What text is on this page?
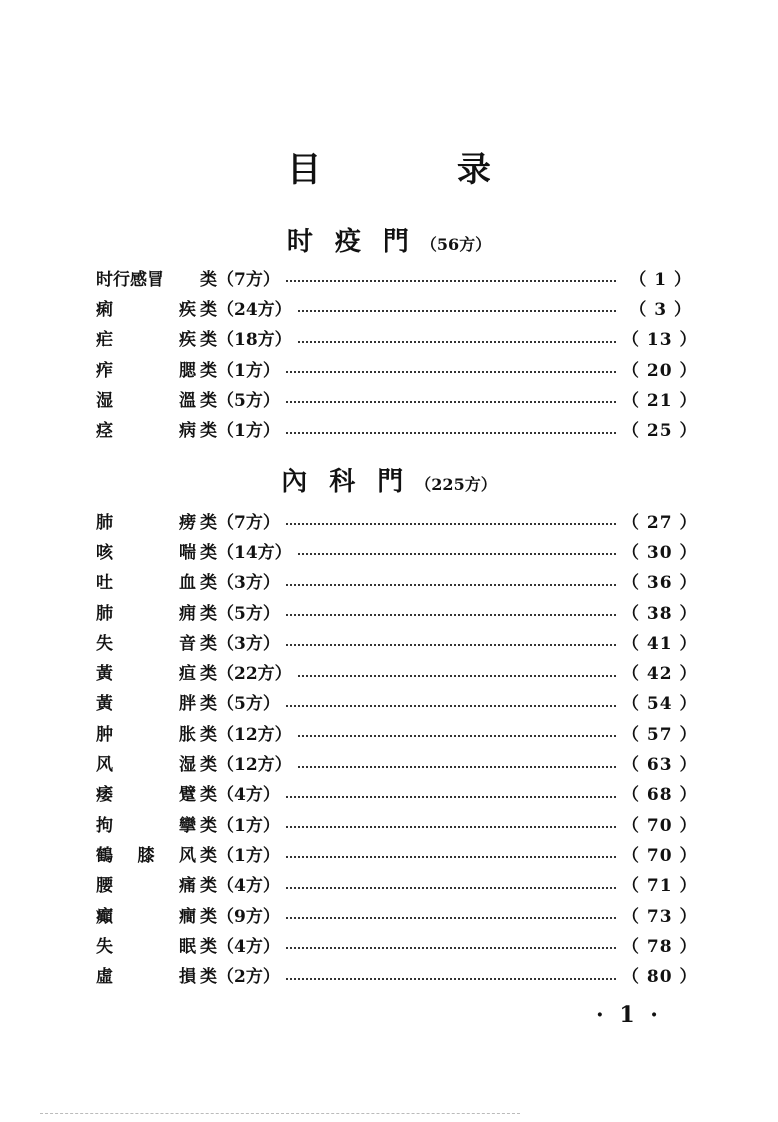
目 录
时疫門（56方）
时行感冒 类（7方）	（ 1 ）
痢	疾 类（24方）	（ 3 ）
疟	疾 类（18方）	（ 13 ）
痄	腮 类（1方）	（ 20 ）
湿	溫 类（5方）	（ 21 ）
痉	病 类（1方）	（ 25 ）
內科門（225方）
肺	痨 类（7方）	（ 27 ）
咳	喘 类（14方）	（ 30 ）
吐	血 类（3方）	（ 36 ）
肺	痈 类（5方）	（ 38 ）
失	音 类（3方）	（ 41 ）
黃	疸 类（22方）	（ 42 ）
黃	胖 类（5方）	（ 54 ）
肿	胀 类（12方）	（ 57 ）
风	湿 类（12方）	（ 63 ）
痿	躄 类（4方）	（ 68 ）
拘	攣 类（1方）	（ 70 ）
鶴 膝 风 类（1方）	（ 70 ）
腰	痛 类（4方）	（ 71 ）
癲	癎 类（9方）	（ 73 ）
失	眠 类（4方）	（ 78 ）
虛	損 类（2方）	（ 80 ）
· 1 ·
